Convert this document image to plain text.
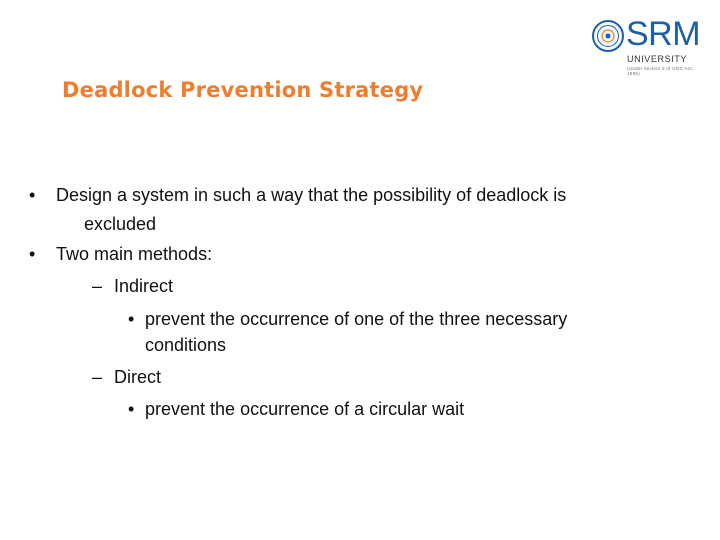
SRM
UNIVERSITY
(Under section 3 of UGC Act, 1956)
Deadlock Prevention Strategy
• Design a system in such a way that the possibility of deadlock is
excluded
• Two main methods:
– Indirect
• prevent the occurrence of one of the three necessary
conditions
– Direct
• prevent the occurrence of a circular wait
